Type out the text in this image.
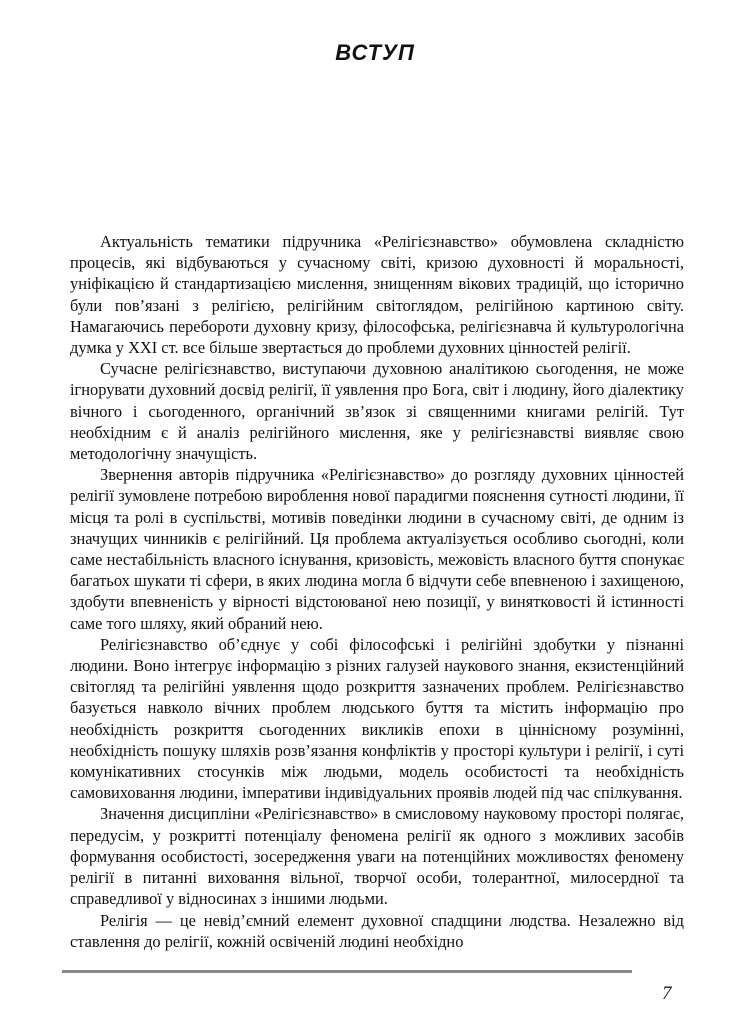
ВСТУП

Актуальність тематики підручника «Релігієзнавство» обумовлена складністю процесів, які відбуваються у сучасному світі, кризою духовності й моральності, уніфікацією й стандартизацією мислення, знищенням вікових традицій, що історично були пов’язані з релігією, релігійним світоглядом, релігійною картиною світу. Намагаючись перебороти духовну кризу, філософська, релігієзнавча й культурологічна думка у XXI ст. все більше звертається до проблеми духовних цінностей релігії.

Сучасне релігієзнавство, виступаючи духовною аналітикою сьогодення, не може ігнорувати духовний досвід релігії, її уявлення про Бога, світ і людину, його діалектику вічного і сьогоденного, органічний зв’язок зі священними книгами релігій. Тут необхідним є й аналіз релігійного мислення, яке у релігієзнавстві виявляє свою методологічну значущість.

Звернення авторів підручника «Релігієзнавство» до розгляду духовних цінностей релігії зумовлене потребою вироблення нової парадигми пояснення сутності людини, її місця та ролі в суспільстві, мотивів поведінки людини в сучасному світі, де одним із значущих чинників є релігійний. Ця проблема актуалізується особливо сьогодні, коли саме нестабільність власного існування, кризовість, межовість власного буття спонукає багатьох шукати ті сфери, в яких людина могла б відчути себе впевненою і захищеною, здобути впевненість у вірності відстоюваної нею позиції, у винятковості й істинності саме того шляху, який обраний нею.

Релігієзнавство об’єднує у собі філософські і релігійні здобутки у пізнанні людини. Воно інтегрує інформацію з різних галузей наукового знання, екзистенційний світогляд та релігійні уявлення щодо розкриття зазначених проблем. Релігієзнавство базується навколо вічних проблем людського буття та містить інформацію про необхідність розкриття сьогоденних викликів епохи в ціннісному розумінні, необхідність пошуку шляхів розв’язання конфліктів у просторі культури і релігії, і суті комунікативних стосунків між людьми, модель особистості та необхідність самовиховання людини, імперативи індивідуальних проявів людей під час спілкування.

Значення дисципліни «Релігієзнавство» в смисловому науковому просторі полягає, передусім, у розкритті потенціалу феномена релігії як одного з можливих засобів формування особистості, зосередження уваги на потенційних можливостях феномену релігії в питанні виховання вільної, творчої особи, толерантної, милосердної та справедливої у відносинах з іншими людьми.

Релігія — це невід’ємний елемент духовної спадщини людства. Незалежно від ставлення до релігії, кожній освіченій людині необхідно

7
